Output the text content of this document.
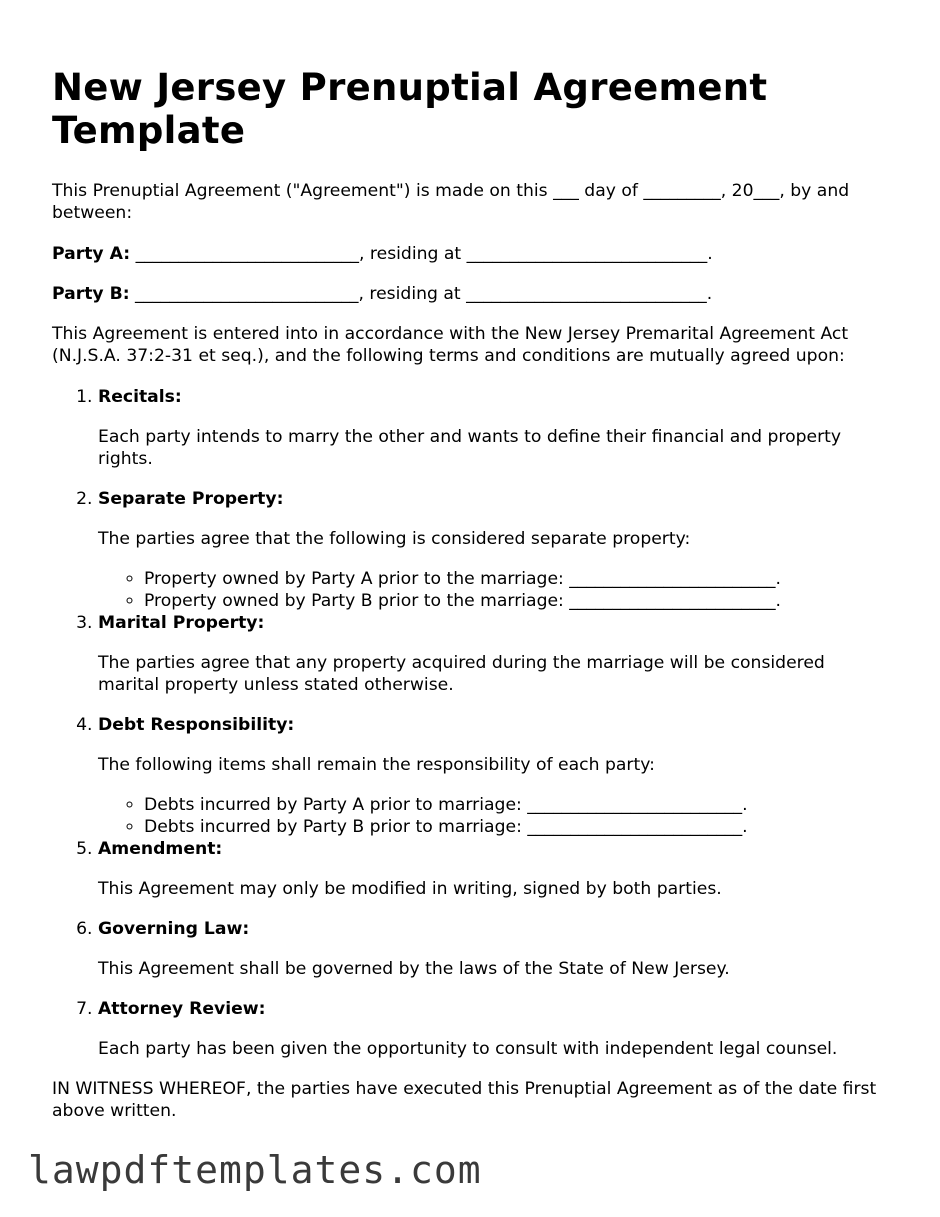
New Jersey Prenuptial Agreement Template

This Prenuptial Agreement ("Agreement") is made on this ___ day of _________, 20___, by and between:

Party A: __________________________, residing at ____________________________.

Party B: __________________________, residing at ____________________________.

This Agreement is entered into in accordance with the New Jersey Premarital Agreement Act (N.J.S.A. 37:2-31 et seq.), and the following terms and conditions are mutually agreed upon:

1. Recitals:

Each party intends to marry the other and wants to define their financial and property rights.

2. Separate Property:

The parties agree that the following is considered separate property:

◦ Property owned by Party A prior to the marriage: ________________________.
◦ Property owned by Party B prior to the marriage: ________________________.
3. Marital Property:

The parties agree that any property acquired during the marriage will be considered marital property unless stated otherwise.

4. Debt Responsibility:

The following items shall remain the responsibility of each party:

◦ Debts incurred by Party A prior to marriage: _________________________.
◦ Debts incurred by Party B prior to marriage: _________________________.
5. Amendment:

This Agreement may only be modified in writing, signed by both parties.

6. Governing Law:

This Agreement shall be governed by the laws of the State of New Jersey.

7. Attorney Review:

Each party has been given the opportunity to consult with independent legal counsel.

IN WITNESS WHEREOF, the parties have executed this Prenuptial Agreement as of the date first above written.

lawpdftemplates.com
